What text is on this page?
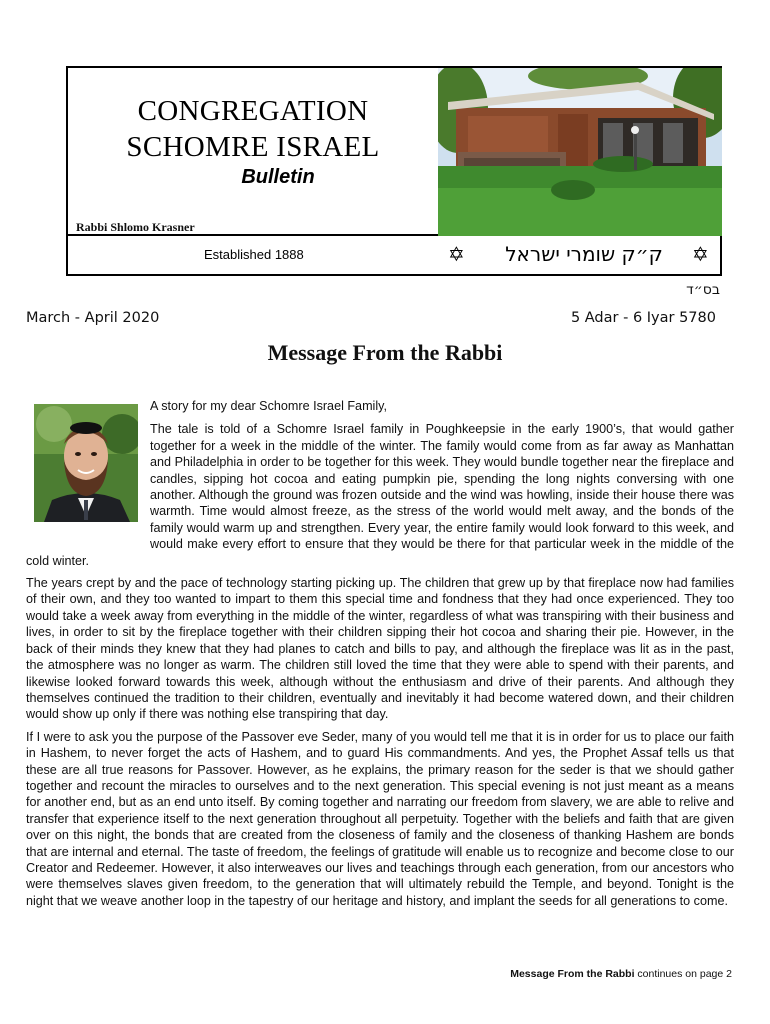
CONGREGATION
SCHOMRE ISRAEL
Bulletin
Rabbi Shlomo Krasner
Established 1888	✡	ק״ק שומרי ישראל	✡
בס״ד
March - April 2020	5 Adar - 6 Iyar 5780
Message From the Rabbi

A story for my dear Schomre Israel Family,

The tale is told of a Schomre Israel family in Poughkeepsie in the early 1900’s, that would gather together for a week in the middle of the winter. The family would come from as far away as Manhattan and Philadelphia in order to be together for this week. They would bundle together near the fireplace and candles, sipping hot cocoa and eating pumpkin pie, spending the long nights conversing with one another. Although the ground was frozen outside and the wind was howling, inside their house there was warmth. Time would almost freeze, as the stress of the world would melt away, and the bonds of the family would warm up and strengthen. Every year, the entire family would look forward to this week, and would make every effort to ensure that they would be there for that particular week in the middle of the cold winter.

The years crept by and the pace of technology starting picking up. The children that grew up by that fireplace now had families of their own, and they too wanted to impart to them this special time and fondness that they had once experienced. They too would take a week away from everything in the middle of the winter, regardless of what was transpiring with their business and lives, in order to sit by the fireplace together with their children sipping their hot cocoa and sharing their pie. However, in the back of their minds they knew that they had planes to catch and bills to pay, and although the fireplace was lit as in the past, the atmosphere was no longer as warm. The children still loved the time that they were able to spend with their parents, and likewise looked forward towards this week, although without the enthusiasm and drive of their parents. And although they themselves continued the tradition to their children, eventually and inevitably it had become watered down, and their children would show up only if there was nothing else transpiring that day.

If I were to ask you the purpose of the Passover eve Seder, many of you would tell me that it is in order for us to place our faith in Hashem, to never forget the acts of Hashem, and to guard His commandments. And yes, the Prophet Assaf tells us that these are all true reasons for Passover. However, as he explains, the primary reason for the seder is that we should gather together and recount the miracles to ourselves and to the next generation. This special evening is not just meant as a means for another end, but as an end unto itself. By coming together and narrating our freedom from slavery, we are able to relive and transfer that experience itself to the next generation throughout all perpetuity. Together with the beliefs and faith that are given over on this night, the bonds that are created from the closeness of family and the closeness of thanking Hashem are bonds that are internal and eternal. The taste of freedom, the feelings of gratitude will enable us to recognize and become close to our Creator and Redeemer. However, it also interweaves our lives and teachings through each generation, from our ancestors who were themselves slaves given freedom, to the generation that will ultimately rebuild the Temple, and beyond. Tonight is the night that we weave another loop in the tapestry of our heritage and history, and implant the seeds for all generations to come.

Message From the Rabbi continues on page 2
